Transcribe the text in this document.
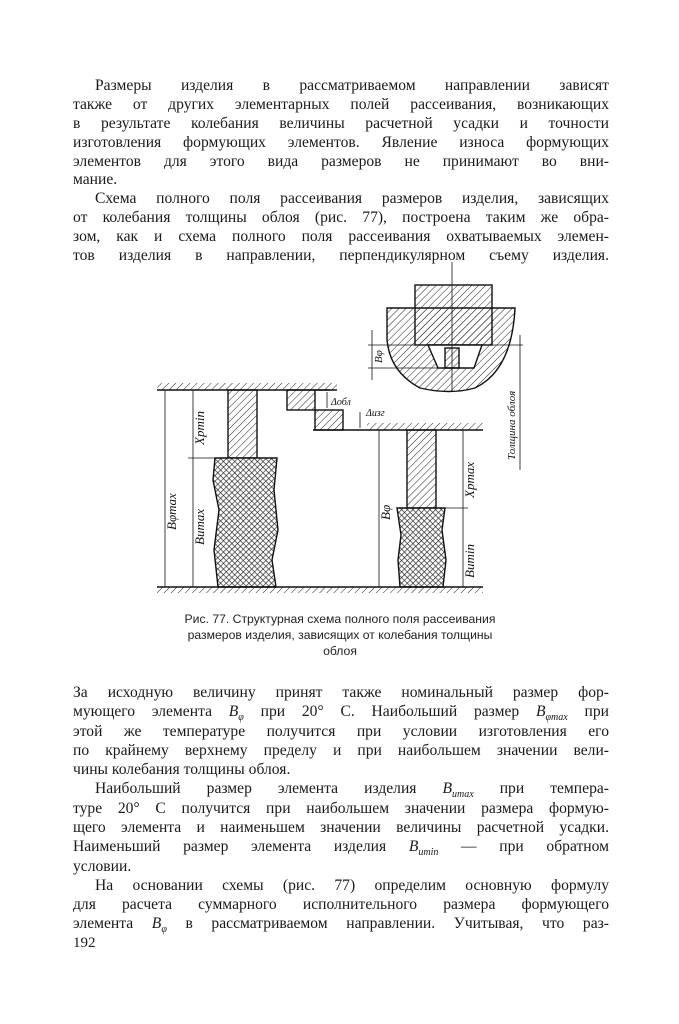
Размеры изделия в рассматриваемом направлении зависят
также от других элементарных полей рассеивания, возникающих
в результате колебания величины расчетной усадки и точности
изготовления формующих элементов. Явление износа формующих
элементов для этого вида размеров не принимают во вни-
мание.
Схема полного поля рассеивания размеров изделия, зависящих
от колебания толщины облоя (рис. 77), построена таким же обра-
зом, как и схема полного поля рассеивания охватываемых элемен-
тов изделия в направлении, перпендикулярном съему изделия.
Bφmax
Xpmin
Bumax
Δобл
Δизг
Bφ
Xpmax
Bumin
Bφ
Толщина облоя
Рис. 77. Структурная схема полного поля рассеивания
размеров изделия, зависящих от колебания толщины
облоя
За исходную величину принят также номинальный размер фор-
мующего элемента $B_\varphi$ при 20° С. Наибольший размер $B_{\varphi max}$ при
этой же температуре получится при условии изготовления его
по крайнему верхнему пределу и при наибольшем значении вели-
чины колебания толщины облоя.
Наибольший размер элемента изделия $B_{umax}$ при темпера-
туре 20° С получится при наибольшем значении размера формую-
щего элемента и наименьшем значении величины расчетной усадки.
Наименьший размер элемента изделия $B_{umin}$ — при обратном
условии.
На основании схемы (рис. 77) определим основную формулу
для расчета суммарного исполнительного размера формующего
элемента $B_\varphi$ в рассматриваемом направлении. Учитывая, что раз-
192
